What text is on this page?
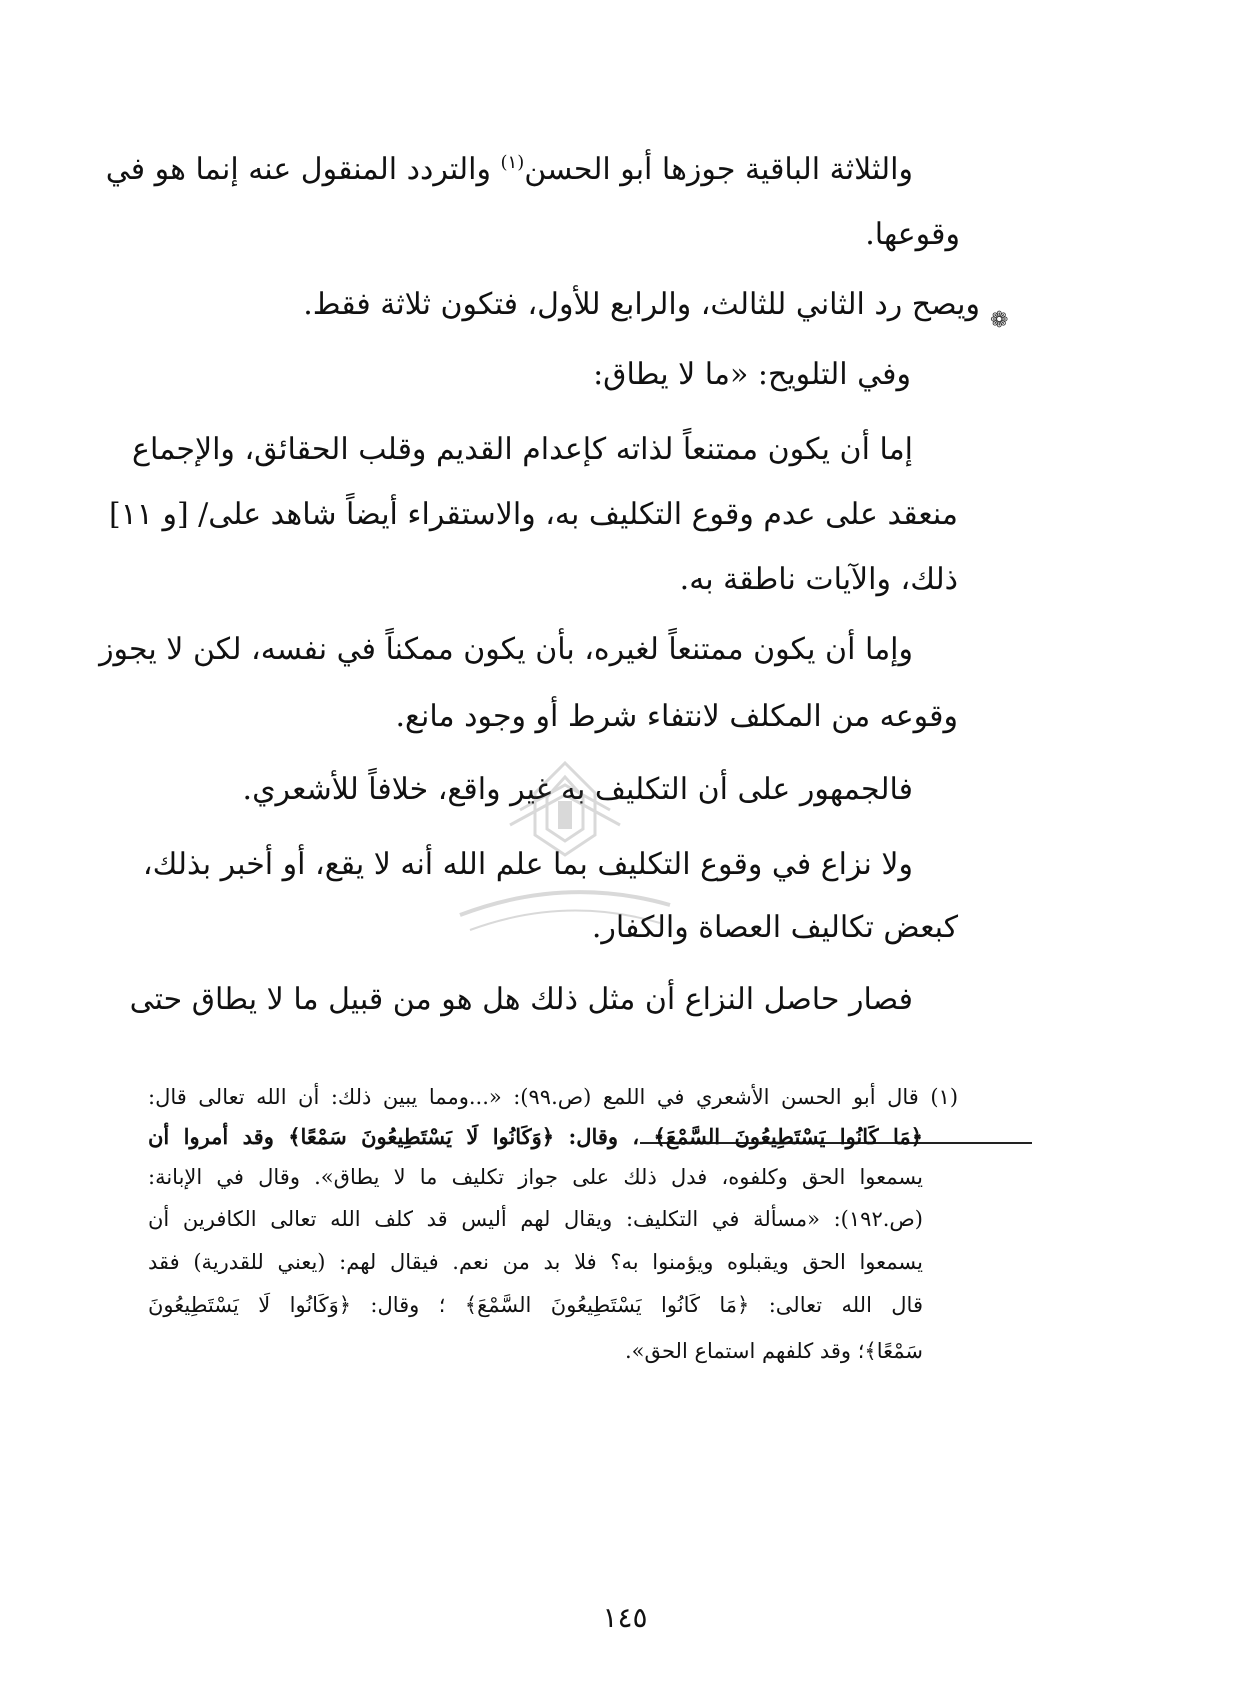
والثلاثة الباقية جوزها أبو الحسن$^{(١)}$ والتردد المنقول عنه إنما هو في
وقوعها.
❁
ويصح رد الثاني للثالث، والرابع للأول، فتكون ثلاثة فقط.
وفي التلويح: «ما لا يطاق:
إما أن يكون ممتنعاً لذاته كإعدام القديم وقلب الحقائق، والإجماع
منعقد على عدم وقوع التكليف به، والاستقراء أيضاً شاهد على/ [و ١١]
ذلك، والآيات ناطقة به.
وإما أن يكون ممتنعاً لغيره، بأن يكون ممكناً في نفسه، لكن لا يجوز
وقوعه من المكلف لانتفاء شرط أو وجود مانع.
فالجمهور على أن التكليف به غير واقع، خلافاً للأشعري.
ولا نزاع في وقوع التكليف بما علم الله أنه لا يقع، أو أخبر بذلك،
كبعض تكاليف العصاة والكفار.
فصار حاصل النزاع أن مثل ذلك هل هو من قبيل ما لا يطاق حتى
(١) قال أبو الحسن الأشعري في اللمع (ص.٩٩): «...ومما يبين ذلك: أن الله تعالى قال:
﴿مَا كَانُوا يَسْتَطِيعُونَ السَّمْعَ﴾ ، وقال: ﴿وَكَانُوا لَا يَسْتَطِيعُونَ سَمْعًا﴾ وقد أمروا أن
يسمعوا الحق وكلفوه، فدل ذلك على جواز تكليف ما لا يطاق». وقال في الإبانة:
(ص.١٩٢): «مسألة في التكليف: ويقال لهم أليس قد كلف الله تعالى الكافرين أن
يسمعوا الحق ويقبلوه ويؤمنوا به؟ فلا بد من نعم. فيقال لهم: (يعني للقدرية) فقد
قال الله تعالى: ﴿مَا كَانُوا يَسْتَطِيعُونَ السَّمْعَ﴾ ؛ وقال: ﴿وَكَانُوا لَا يَسْتَطِيعُونَ
سَمْعًا﴾؛ وقد كلفهم استماع الحق».
١٤٥
